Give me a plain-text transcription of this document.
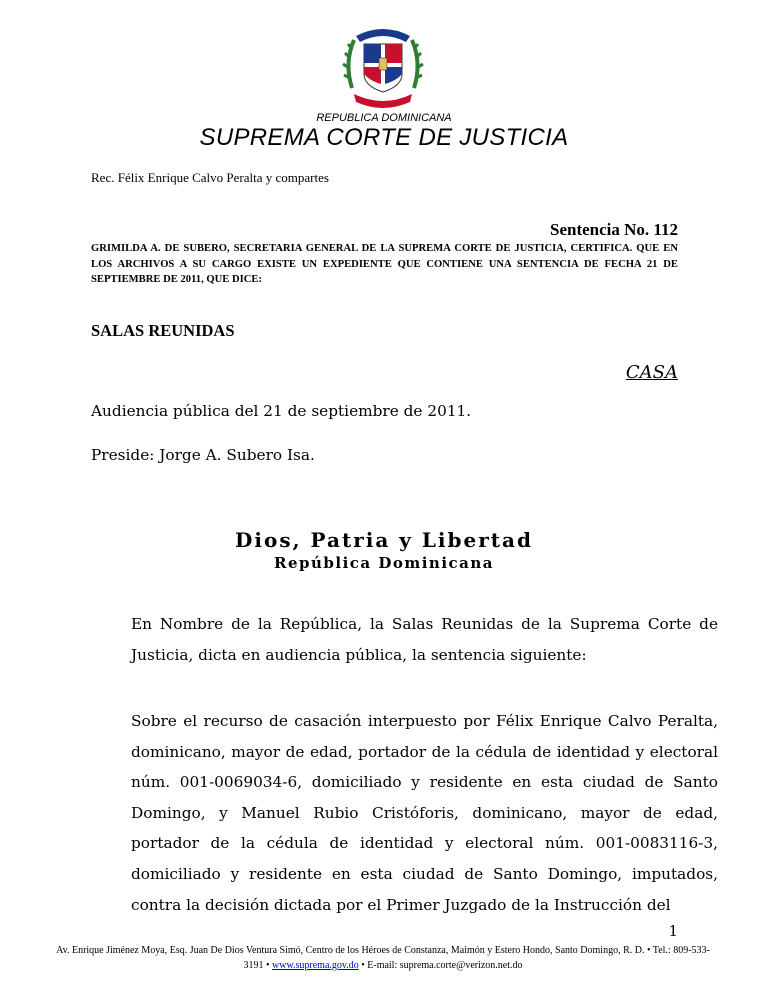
REPUBLICA DOMINICANA
SUPREMA CORTE DE JUSTICIA
Rec. Félix Enrique Calvo Peralta y compartes
Sentencia No. 112
GRIMILDA A. DE SUBERO, SECRETARIA GENERAL DE LA SUPREMA CORTE DE JUSTICIA, CERTIFICA. QUE EN LOS ARCHIVOS A SU CARGO EXISTE UN EXPEDIENTE QUE CONTIENE UNA SENTENCIA DE FECHA 21 DE SEPTIEMBRE DE 2011, QUE DICE:
SALAS REUNIDAS
CASA
Audiencia pública del 21 de septiembre de 2011.
Preside: Jorge A. Subero Isa.
Dios, Patria y Libertad
República Dominicana
En Nombre de la República, la Salas Reunidas de la Suprema Corte de Justicia, dicta en audiencia pública, la sentencia siguiente:
Sobre el recurso de casación interpuesto por Félix Enrique Calvo Peralta, dominicano, mayor de edad, portador de la cédula de identidad y electoral núm. 001-0069034-6, domiciliado y residente en esta ciudad de Santo Domingo, y Manuel Rubio Cristóforis, dominicano, mayor de edad, portador de la cédula de identidad y electoral núm. 001-0083116-3, domiciliado y residente en esta ciudad de Santo Domingo, imputados, contra la decisión dictada por el Primer Juzgado de la Instrucción del
1
Av. Enrique Jiménez Moya, Esq. Juan De Dios Ventura Simó, Centro de los Héroes de Constanza, Maimón y Estero Hondo, Santo Domingo, R. D. • Tel.: 809-533-3191 • www.suprema.gov.do • E-mail: suprema.corte@verizon.net.do
